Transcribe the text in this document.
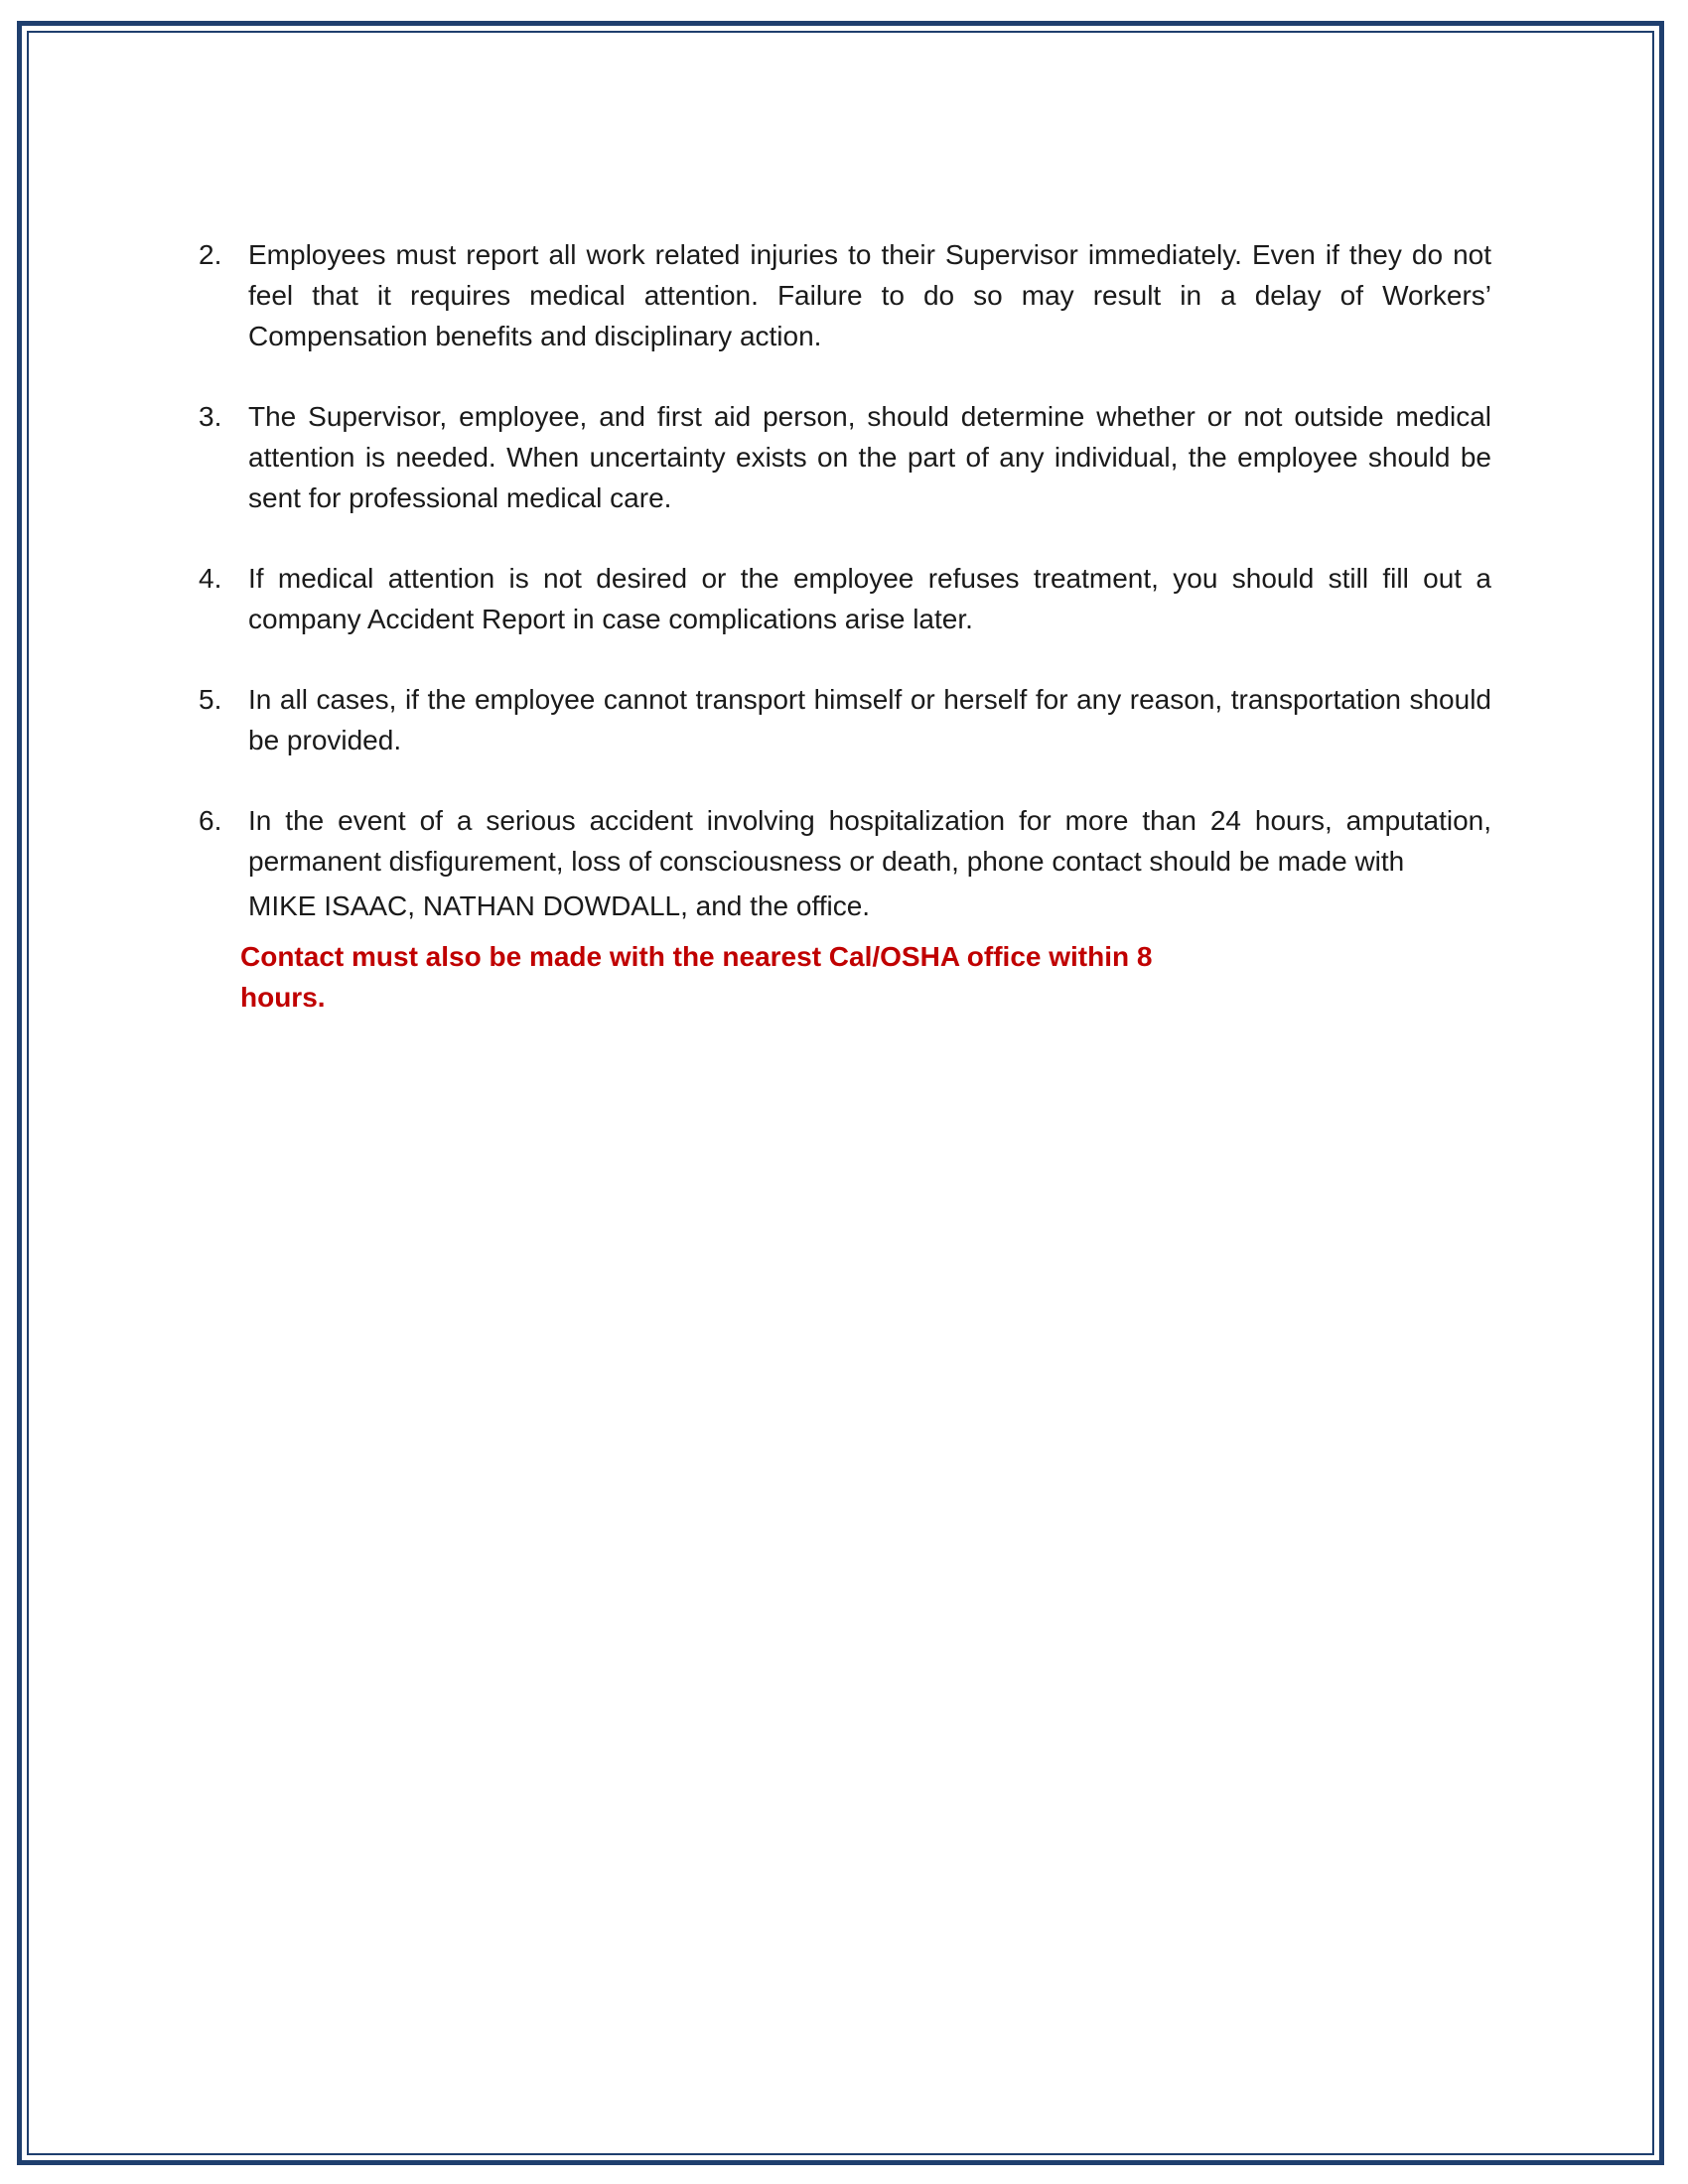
2. Employees must report all work related injuries to their Supervisor immediately. Even if they do not feel that it requires medical attention. Failure to do so may result in a delay of Workers’ Compensation benefits and disciplinary action.
3. The Supervisor, employee, and first aid person, should determine whether or not outside medical attention is needed. When uncertainty exists on the part of any individual, the employee should be sent for professional medical care.
4. If medical attention is not desired or the employee refuses treatment, you should still fill out a company Accident Report in case complications arise later.
5. In all cases, if the employee cannot transport himself or herself for any reason, transportation should be provided.
6. In the event of a serious accident involving hospitalization for more than 24 hours, amputation, permanent disfigurement, loss of consciousness or death, phone contact should be made with
MIKE ISAAC, NATHAN DOWDALL, and the office.
Contact must also be made with the nearest Cal/OSHA office within 8 hours.
